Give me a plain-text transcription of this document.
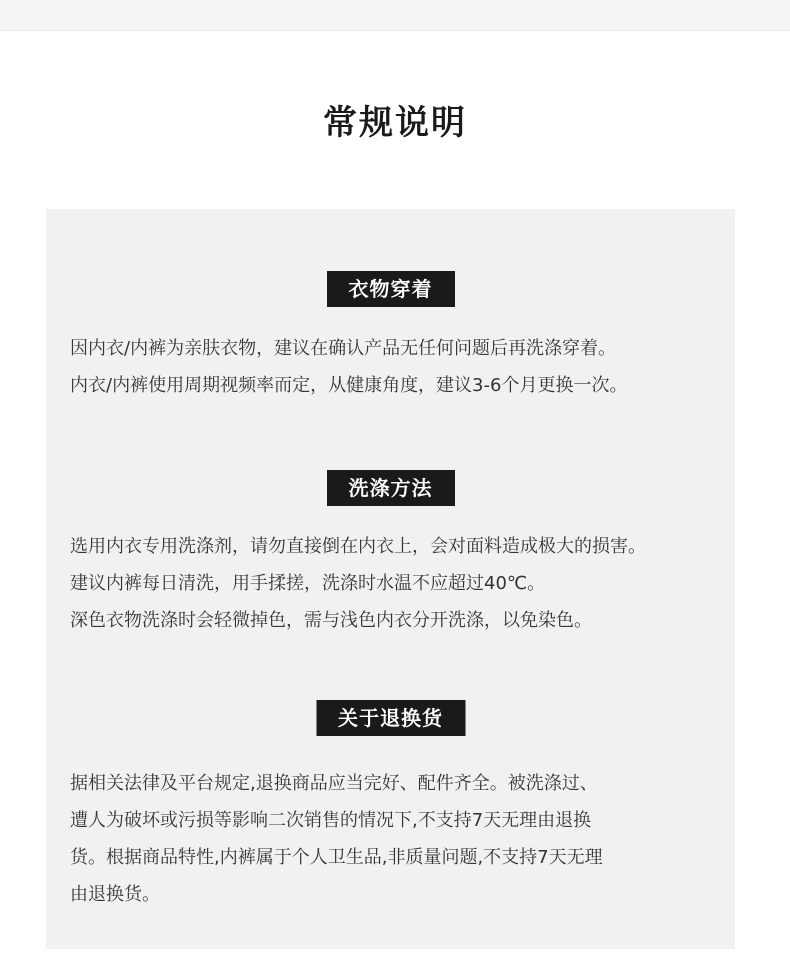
常规说明
衣物穿着
因内衣/内裤为亲肤衣物，建议在确认产品无任何问题后再洗涤穿着。
内衣/内裤使用周期视频率而定，从健康角度，建议3-6个月更换一次。
洗涤方法
选用内衣专用洗涤剂，请勿直接倒在内衣上，会对面料造成极大的损害。
建议内裤每日清洗，用手揉搓，洗涤时水温不应超过40℃。
深色衣物洗涤时会轻微掉色，需与浅色内衣分开洗涤，以免染色。
关于退换货
据相关法律及平台规定,退换商品应当完好、配件齐全。被洗涤过、
遭人为破坏或污损等影响二次销售的情况下,不支持7天无理由退换
货。根据商品特性,内裤属于个人卫生品,非质量问题,不支持7天无理
由退换货。
